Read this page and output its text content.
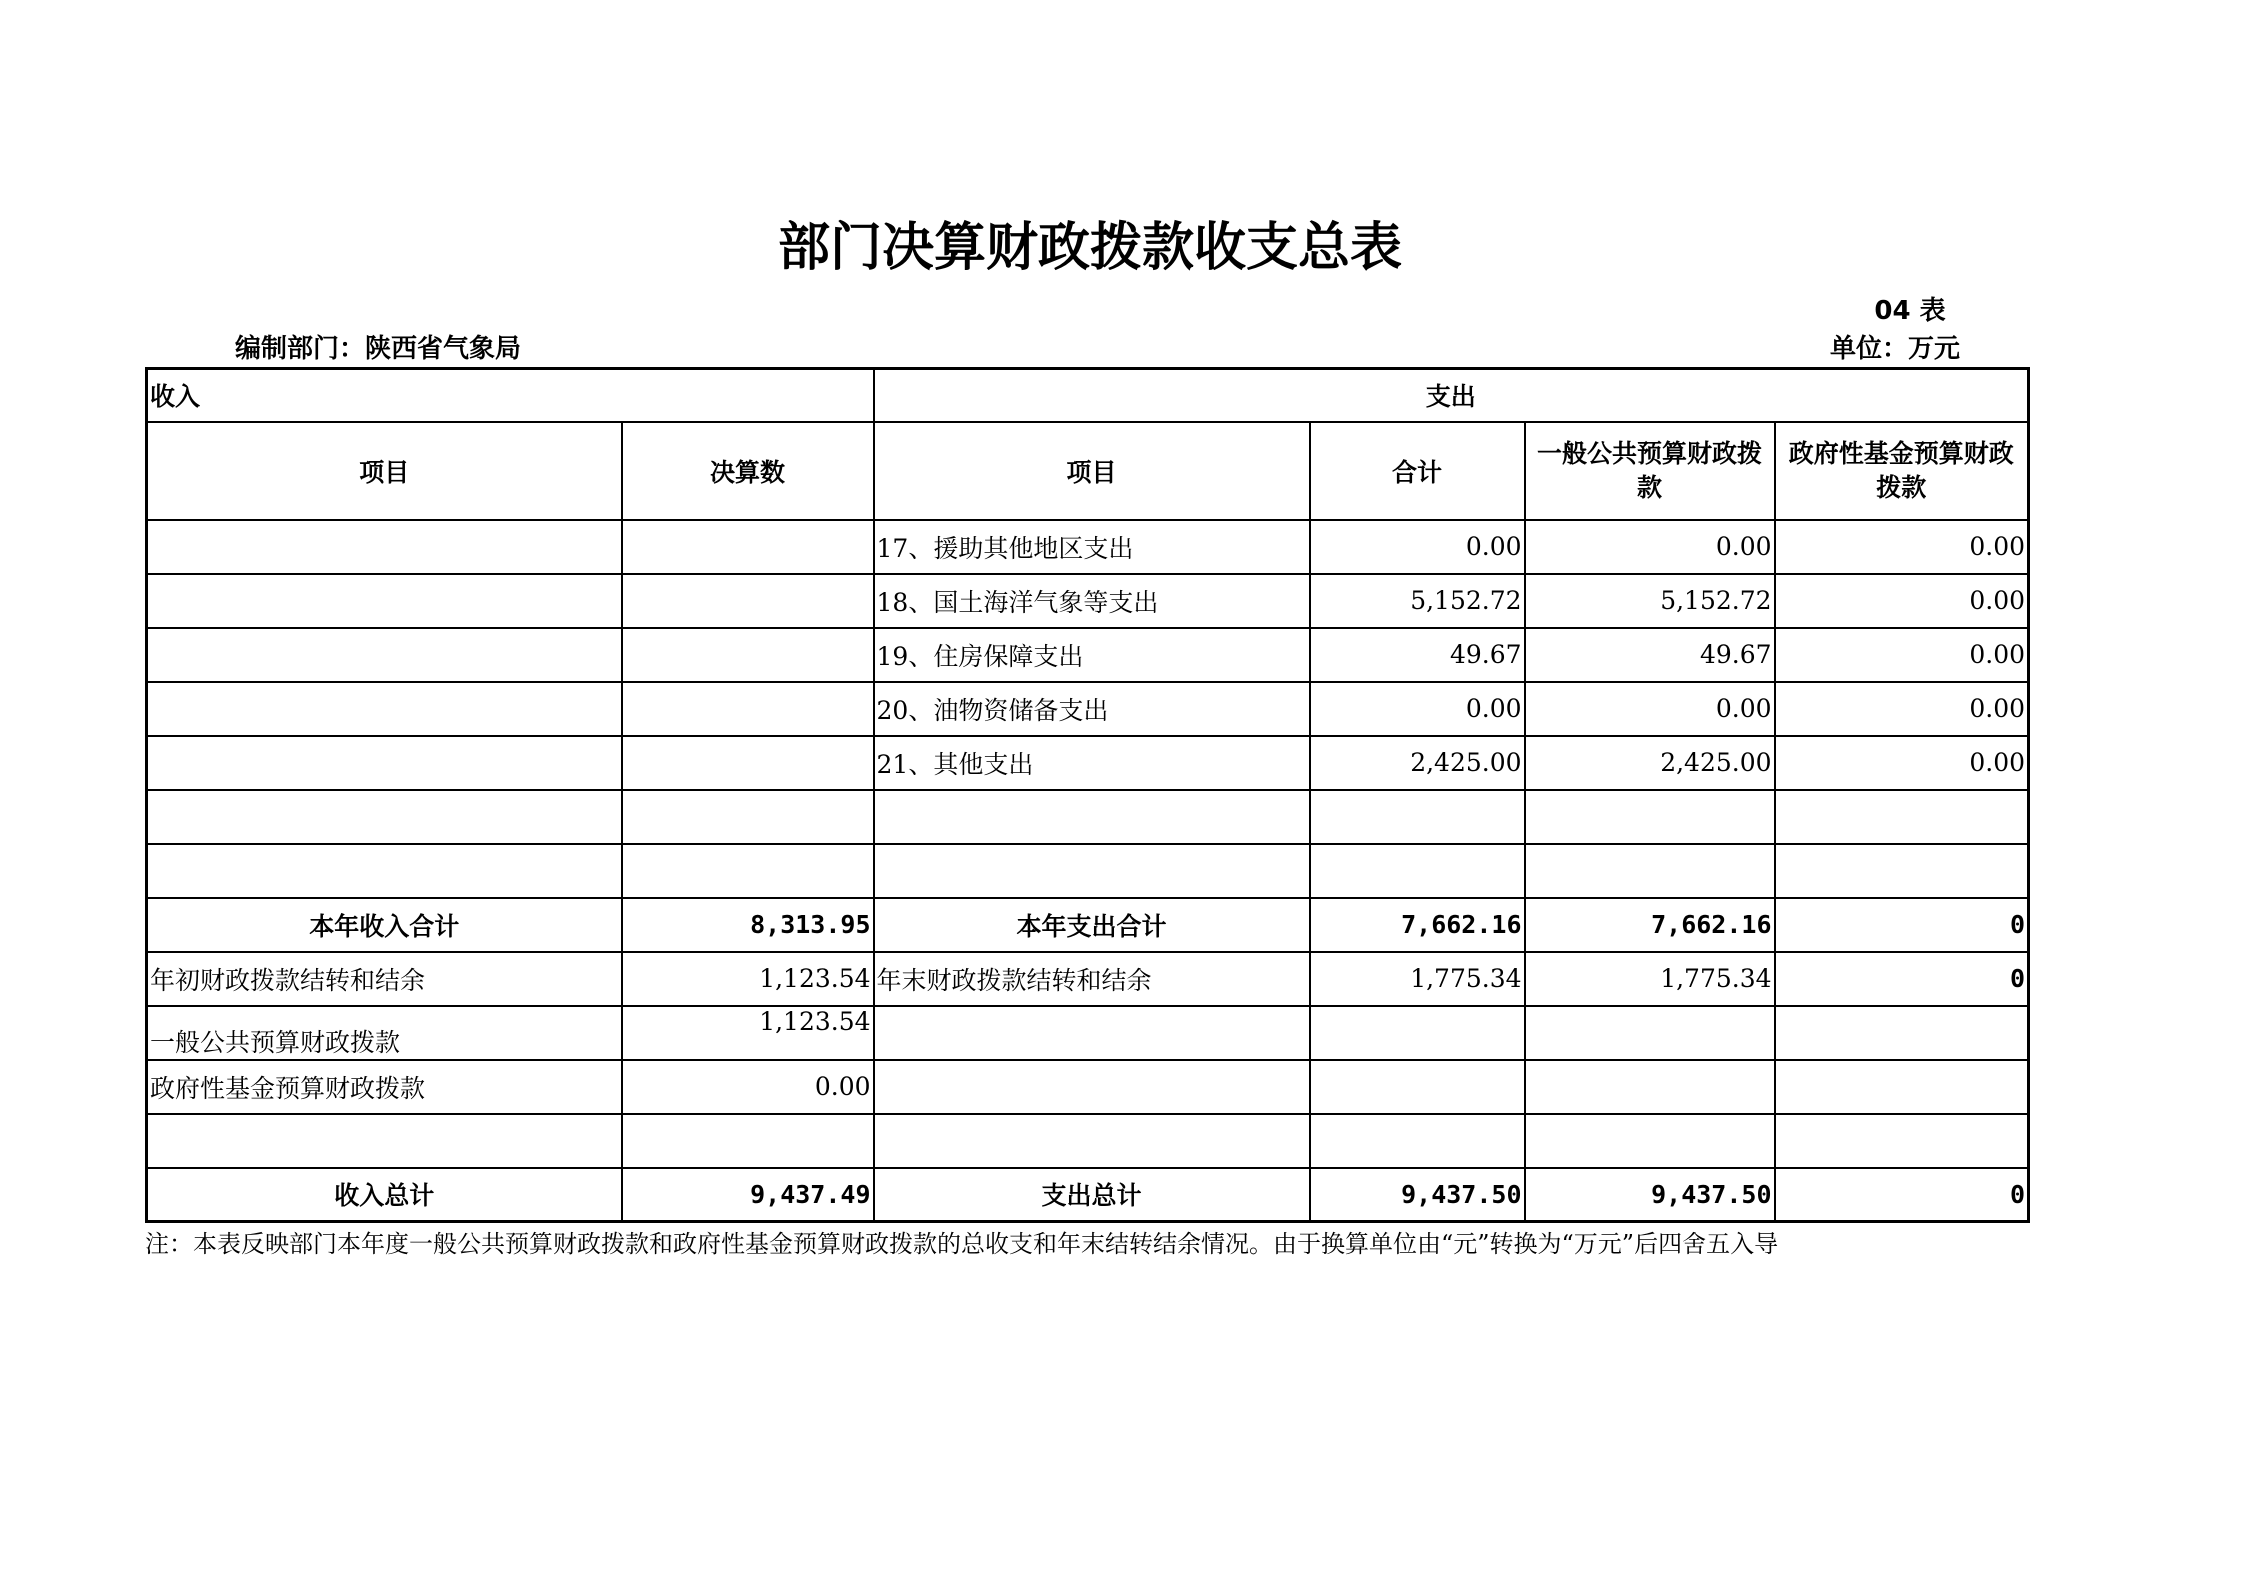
部门决算财政拨款收支总表
04 表
编制部门：陕西省气象局	单位：万元
收入		支出			
项目	决算数	项目	合计	一般公共预算财政拨款	政府性基金预算财政拨款
		17、援助其他地区支出	0.00	0.00	0.00
		18、国土海洋气象等支出	5,152.72	5,152.72	0.00
		19、住房保障支出	49.67	49.67	0.00
		20、油物资储备支出	0.00	0.00	0.00
		21、其他支出	2,425.00	2,425.00	0.00

本年收入合计	8,313.95	本年支出合计	7,662.16	7,662.16	0
年初财政拨款结转和结余	1,123.54	年末财政拨款结转和结余	1,775.34	1,775.34	0
一般公共预算财政拨款	1,123.54				
政府性基金预算财政拨款	0.00				

收入总计	9,437.49	支出总计	9,437.50	9,437.50	0
注：本表反映部门本年度一般公共预算财政拨款和政府性基金预算财政拨款的总收支和年末结转结余情况。由于换算单位由“元”转换为“万元”后四舍五入导
